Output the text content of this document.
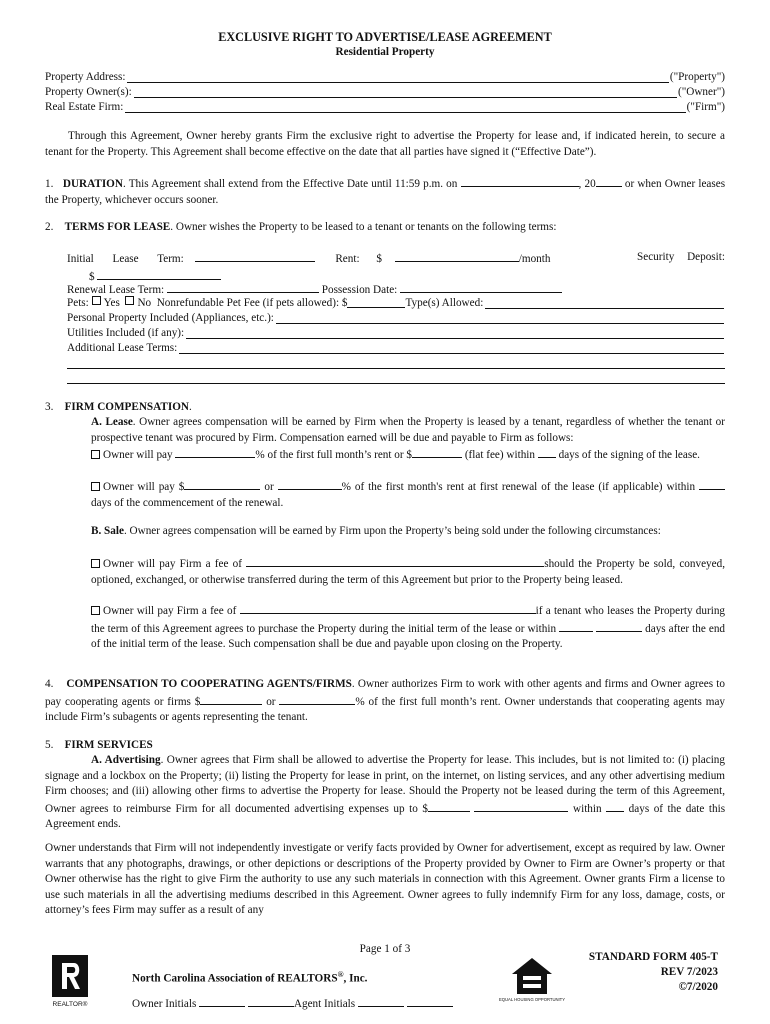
EXCLUSIVE RIGHT TO ADVERTISE/LEASE AGREEMENT
Residential Property
Property Address:	("Property")
Property Owner(s):	("Owner")
Real Estate Firm:	("Firm")
Through this Agreement, Owner hereby grants Firm the exclusive right to advertise the Property for lease and, if indicated herein, to secure a tenant for the Property. This Agreement shall become effective on the date that all parties have signed it (“Effective Date”).
1. DURATION. This Agreement shall extend from the Effective Date until 11:59 p.m. on	, 20	or when Owner leases the Property, whichever occurs sooner.
2. TERMS FOR LEASE. Owner wishes the Property to be leased to a tenant or tenants on the following terms:
Initial Lease Term:	Rent: $	/month	Security Deposit:

$
Renewal Lease Term:	Possession Date:
Pets:
Yes
No
Nonrefundable Pet Fee (if pets allowed): $	Type(s) Allowed:
Personal Property Included (Appliances, etc.):
Utilities Included (if any):
Additional Lease Terms:
3. FIRM COMPENSATION.
A. Lease. Owner agrees compensation will be earned by Firm when the Property is leased by a tenant, regardless of whether the tenant or prospective tenant was procured by Firm. Compensation earned will be due and payable to Firm as follows:
Owner will pay	% of the first full month’s rent or $	(flat fee) within days of the signing of the lease.
Owner will pay $	or	% of the first month's rent at first renewal of the lease (if applicable) within  days of the commencement of the renewal.
B. Sale. Owner agrees compensation will be earned by Firm upon the Property’s being sold under the following circumstances:
Owner will pay Firm a fee of	should the Property be sold, conveyed, optioned, exchanged, or otherwise transferred during the term of this Agreement but prior to the Property being leased.
Owner will pay Firm a fee of	if a tenant who leases the Property during the term of this Agreement agrees to purchase the Property during the initial term of the lease or within	days after the end of the initial term of the lease. Such compensation shall be due and payable upon closing on the Property.
4. COMPENSATION TO COOPERATING AGENTS/FIRMS. Owner authorizes Firm to work with other agents and firms and Owner agrees to pay cooperating agents or firms $	or	% of the first full month’s rent. Owner understands that cooperating agents may include Firm’s subagents or agents representing the tenant.
5. FIRM SERVICES
A. Advertising. Owner agrees that Firm shall be allowed to advertise the Property for lease. This includes, but is not limited to: (i) placing signage and a lockbox on the Property; (ii) listing the Property for lease in print, on the internet, on listing services, and any other advertising medium Firm chooses; and (iii) allowing other firms to advertise the Property for lease. Should the Property not be leased during the term of this Agreement, Owner agrees to reimburse Firm for all documented advertising expenses up to $	within days of the date this Agreement ends.
Owner understands that Firm will not independently investigate or verify facts provided by Owner for advertisement, except as required by law. Owner warrants that any photographs, drawings, or other depictions or descriptions of the Property provided by Owner to Firm are Owner’s property or that Owner otherwise has the right to give Firm the authority to use any such materials in connection with this Agreement. Owner grants Firm a license to use such materials in all the advertising mediums described in this Agreement. Owner agrees to fully indemnify Firm for any loss, damage, costs, or attorney’s fees Firm may suffer as a result of any
Page 1 of 3
REALTOR®
North Carolina Association of REALTORS®, Inc.
Owner Initials	Agent Initials	EQUAL HOUSING OPPORTUNITY
STANDARD FORM 405-T
REV 7/2023
©7/2020
